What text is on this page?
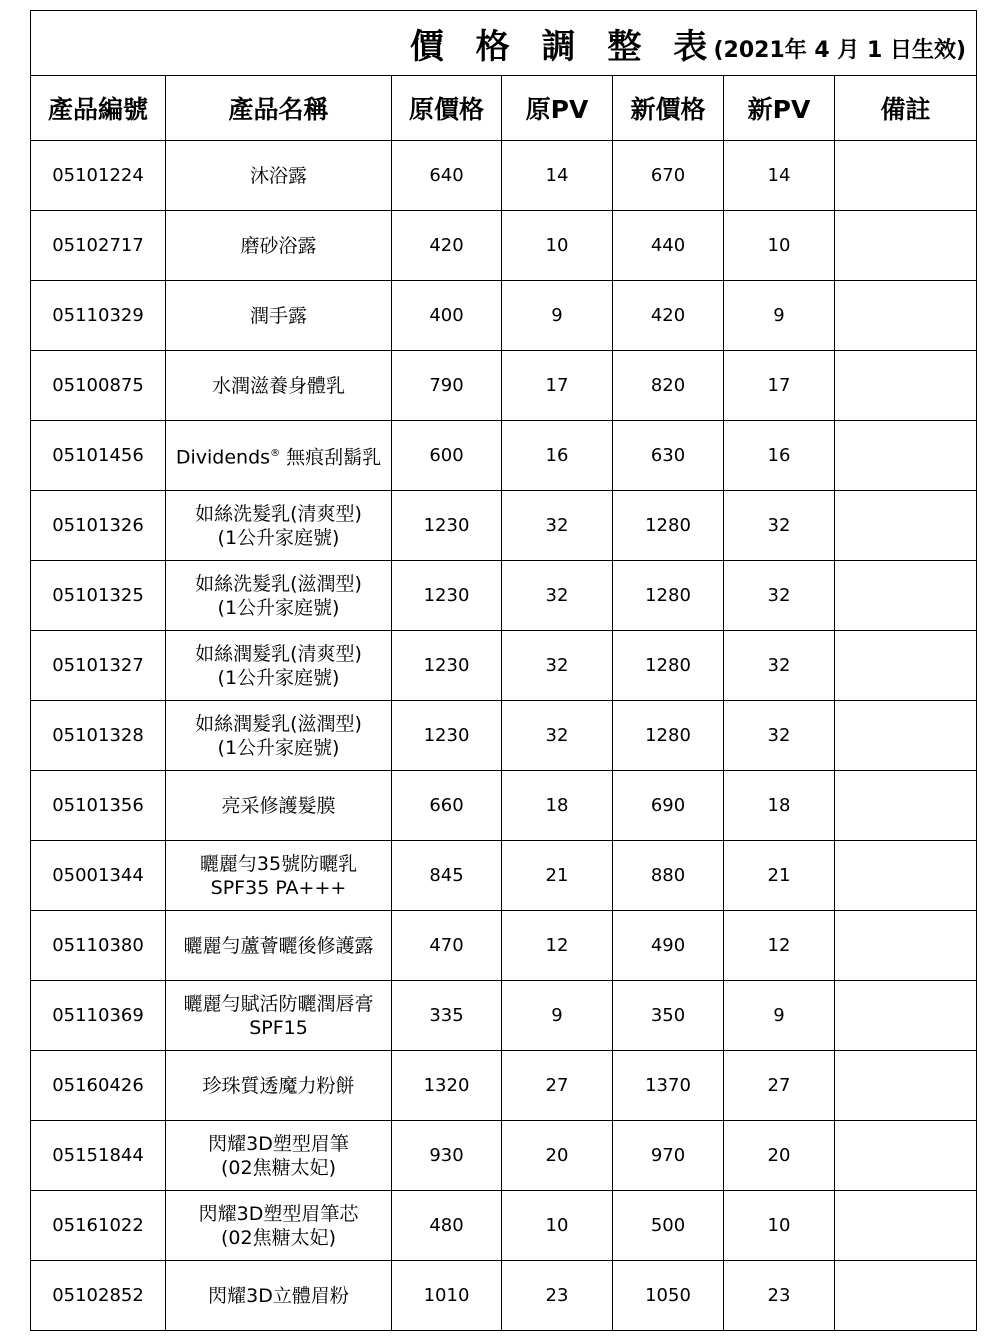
價 格 調 整 表
(2021年 4 月 1 日生效)						

產品編號	產品名稱	原價格	原PV	新價格	新PV	備註
05101224	沐浴露	640	14	670	14	
05102717	磨砂浴露	420	10	440	10	
05110329	潤手露	400	9	420	9	
05100875	水潤滋養身體乳	790	17	820	17	
05101456	Dividends® 無痕刮鬍乳	600	16	630	16	
05101326	如絲洗髮乳(清爽型)
(1公升家庭號)	1230	32	1280	32	
05101325	如絲洗髮乳(滋潤型)
(1公升家庭號)	1230	32	1280	32	
05101327	如絲潤髮乳(清爽型)
(1公升家庭號)	1230	32	1280	32	
05101328	如絲潤髮乳(滋潤型)
(1公升家庭號)	1230	32	1280	32	
05101356	亮采修護髮膜	660	18	690	18	
05001344	曬麗勻35號防曬乳
SPF35 PA+++	845	21	880	21	
05110380	曬麗勻蘆薈曬後修護露	470	12	490	12	
05110369	曬麗勻賦活防曬潤唇膏
SPF15	335	9	350	9	
05160426	珍珠質透魔力粉餅	1320	27	1370	27	
05151844	閃耀3D塑型眉筆
(02焦糖太妃)	930	20	970	20	
05161022	閃耀3D塑型眉筆芯
(02焦糖太妃)	480	10	500	10	
05102852	閃耀3D立體眉粉	1010	23	1050	23	
